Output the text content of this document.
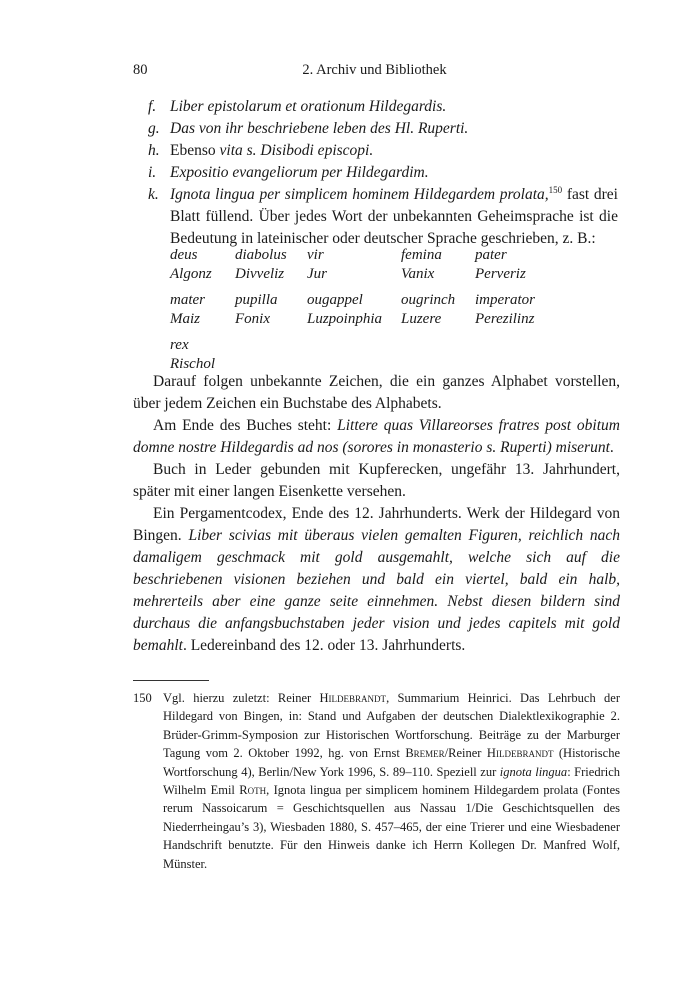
80	2. Archiv und Bibliothek
f. Liber epistolarum et orationum Hildegardis.
g. Das von ihr beschriebene leben des Hl. Ruperti.
h. Ebenso vita s. Disibodi episcopi.
i. Expositio evangeliorum per Hildegardim.
k. Ignota lingua per simplicem hominem Hildegardem prolata,$^{150}$ fast drei Blatt füllend. Über jedes Wort der unbekannten Geheimsprache ist die Bedeutung in lateinischer oder deutscher Sprache geschrieben, z. B.:
deus
Algonz
diabolus
Divveliz
vir
Jur
femina
Vanix
pater
Perveriz
mater
Maiz
pupilla
Fonix
ougappel
Luzpoinphia
ougrinch
Luzere
imperator
Perezilinz
rex
Rischol

Darauf folgen unbekannte Zeichen, die ein ganzes Alphabet vorstellen, über jedem Zeichen ein Buchstabe des Alphabets.

Am Ende des Buches steht: Littere quas Villareorses fratres post obitum domne nostre Hildegardis ad nos (sorores in monasterio s. Ruperti) miserunt.

Buch in Leder gebunden mit Kupferecken, ungefähr 13. Jahrhundert, später mit einer langen Eisenkette versehen.

Ein Pergamentcodex, Ende des 12. Jahrhunderts. Werk der Hildegard von Bingen. Liber scivias mit überaus vielen gemalten Figuren, reichlich nach damaligem geschmack mit gold ausgemahlt, welche sich auf die beschriebenen visionen beziehen und bald ein viertel, bald ein halb, mehrerteils aber eine ganze seite einnehmen. Nebst diesen bildern sind durchaus die anfangsbuchstaben jeder vision und jedes capitels mit gold bemahlt. Ledereinband des 12. oder 13. Jahrhunderts.

150 Vgl. hierzu zuletzt: Reiner Hildebrandt, Summarium Heinrici. Das Lehrbuch der Hildegard von Bingen, in: Stand und Aufgaben der deutschen Dialektlexikographie 2. Brüder-Grimm-Symposion zur Historischen Wortforschung. Beiträge zu der Marburger Tagung vom 2. Oktober 1992, hg. von Ernst Bremer/Reiner Hildebrandt (Historische Wortforschung 4), Berlin/New York 1996, S. 89–110. Speziell zur ignota lingua: Friedrich Wilhelm Emil Roth, Ignota lingua per simplicem hominem Hildegardem prolata (Fontes rerum Nassoicarum = Geschichtsquellen aus Nassau 1/Die Geschichtsquellen des Niederrheingau’s 3), Wiesbaden 1880, S. 457–465, der eine Trierer und eine Wiesbadener Handschrift benutzte. Für den Hinweis danke ich Herrn Kollegen Dr. Manfred Wolf, Münster.
